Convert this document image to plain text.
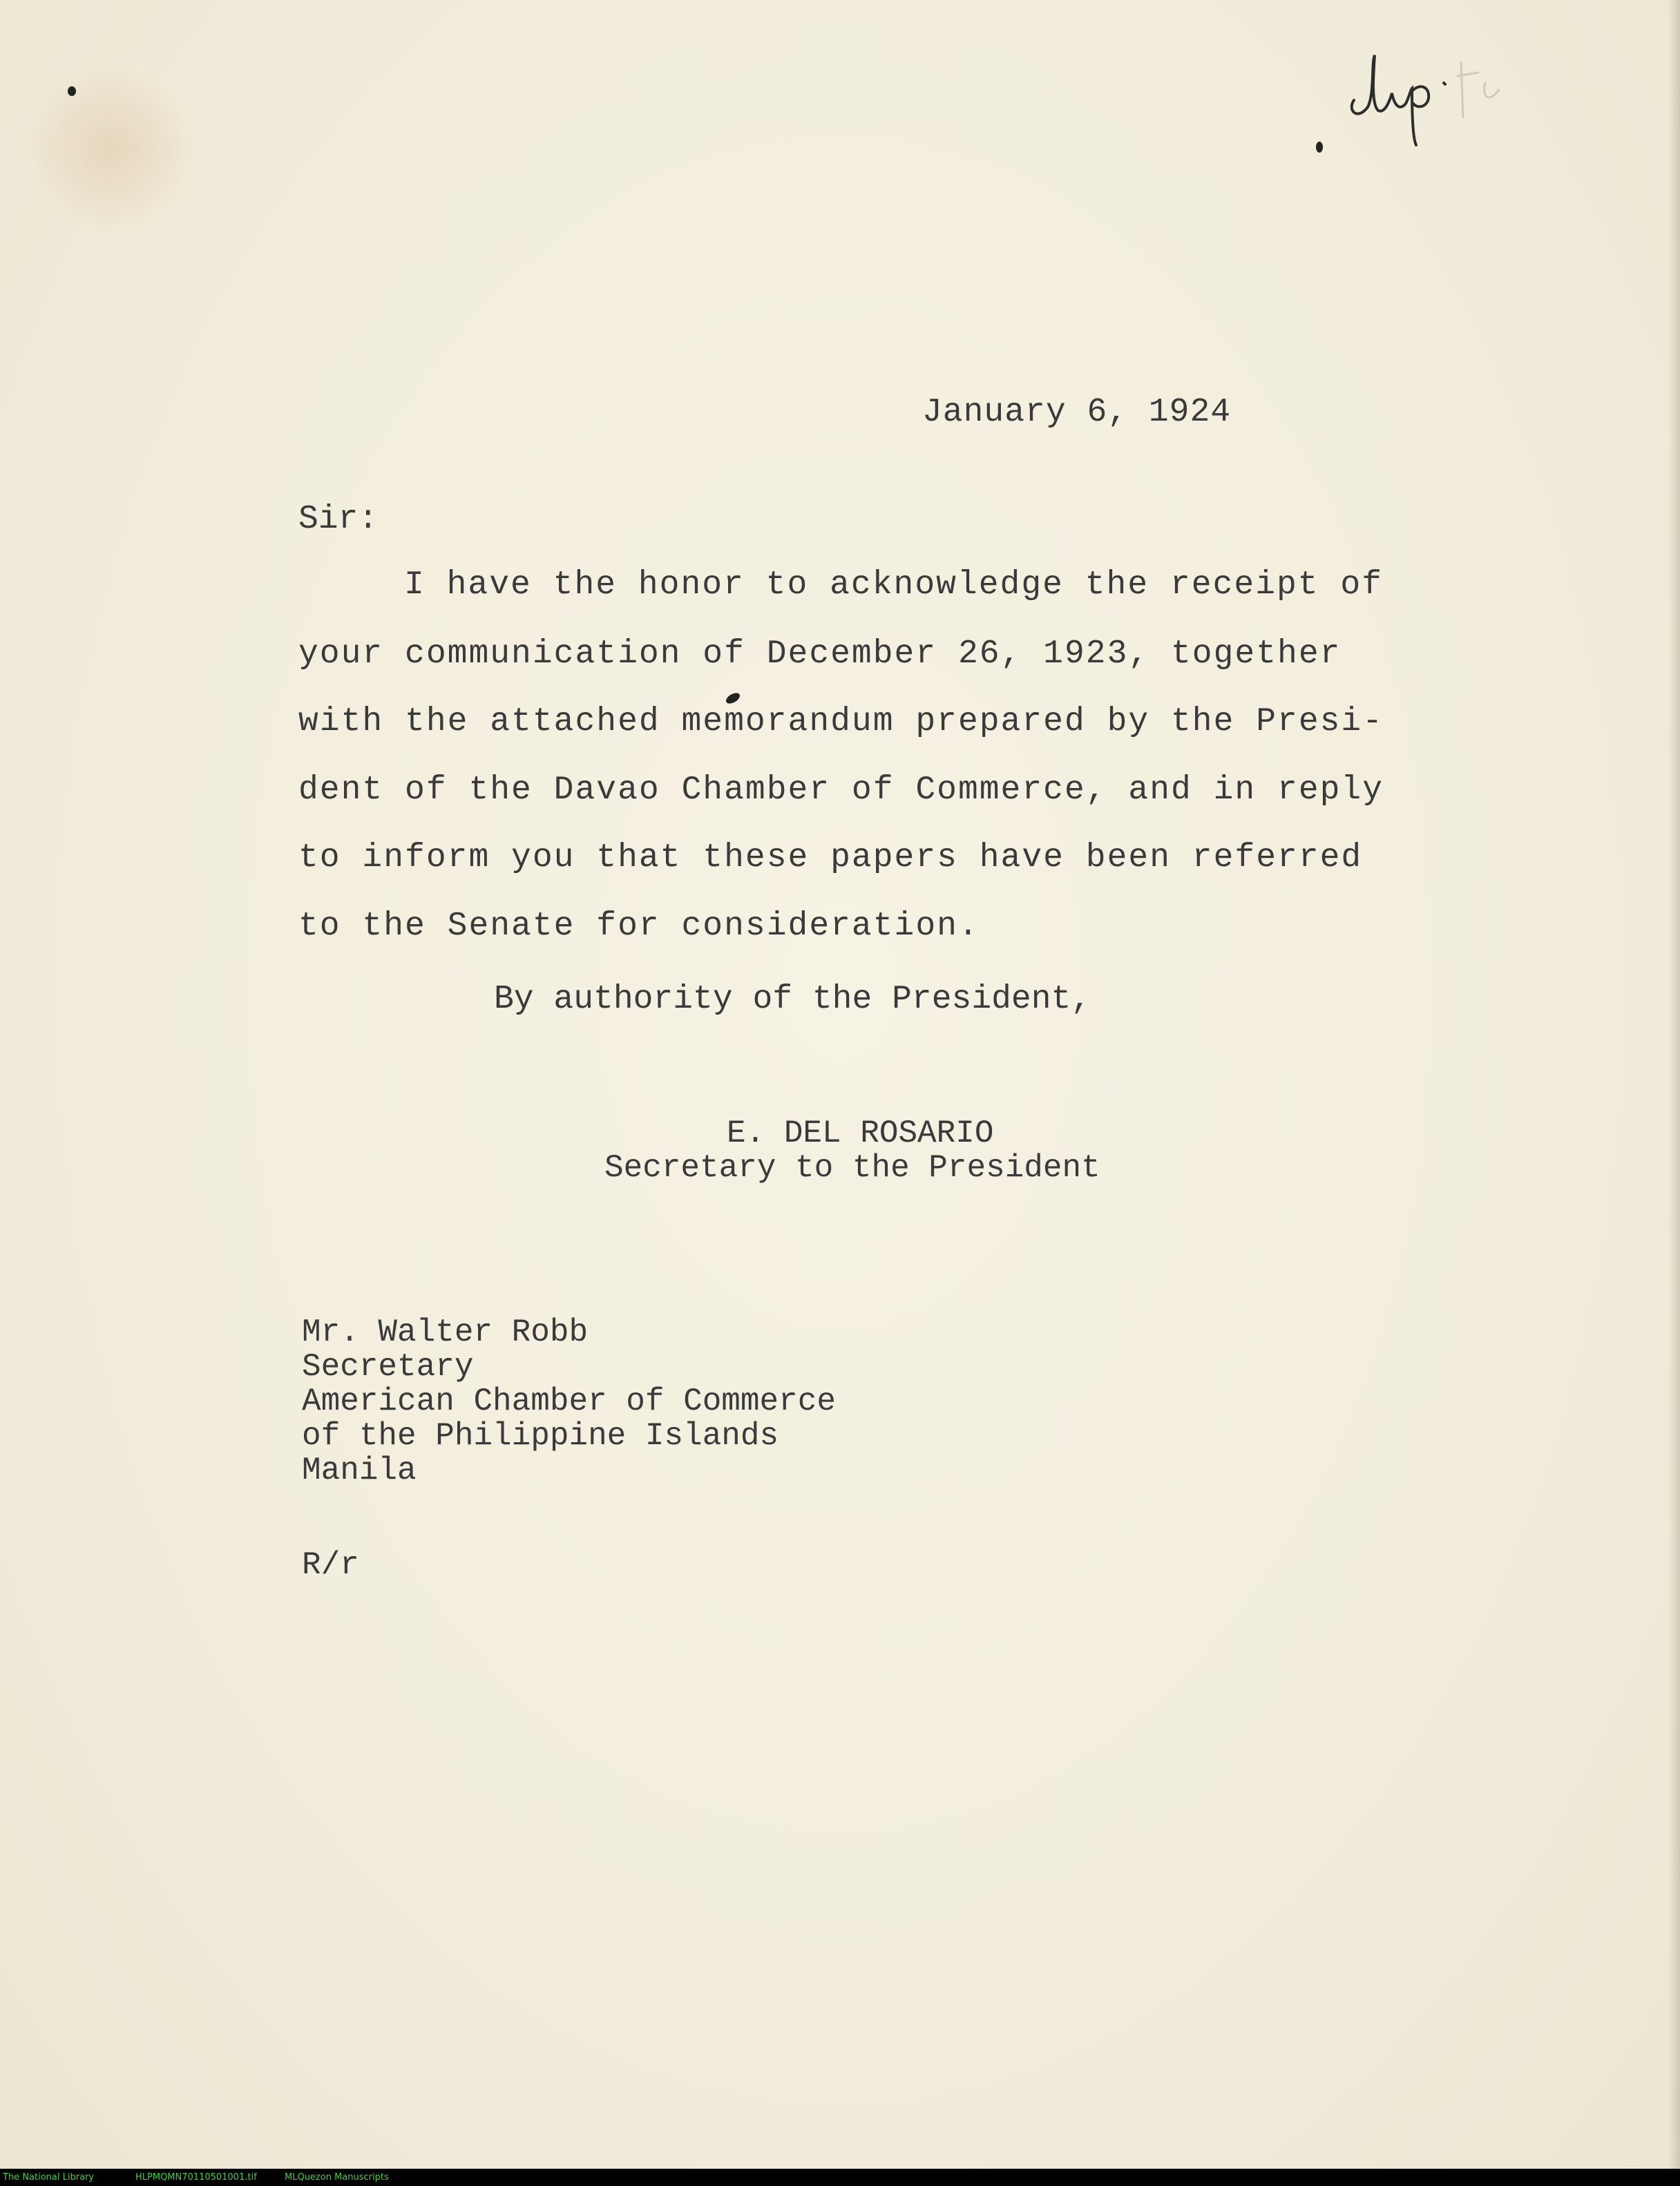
January 6, 1924
Sir:
I have the honor to acknowledge the receipt of
your communication of December 26, 1923, together
with the attached memorandum prepared by the Presi-
dent of the Davao Chamber of Commerce, and in reply
to inform you that these papers have been referred
to the Senate for consideration.
By authority of the President,
E. DEL ROSARIO
Secretary to the President
Mr. Walter Robb
Secretary
American Chamber of Commerce
of the Philippine Islands
Manila
R/r
The National Library	HLPMQMN70110501001.tif	MLQuezon Manuscripts
